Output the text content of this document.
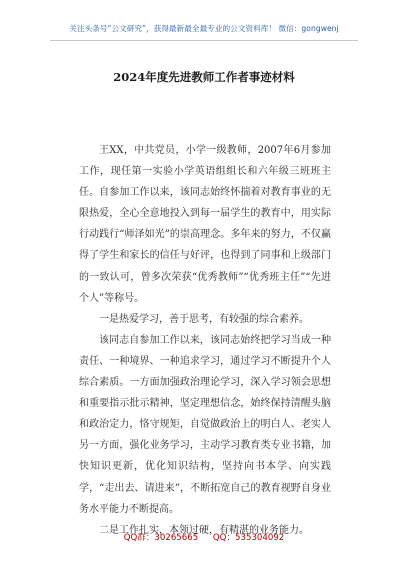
关注头条号“公文研究”，获得最新最全最专业的公文资料库！ 微信：gongwenj
2024年度先进教师工作者事迹材料

王XX，中共党员，小学一级教师，2007年6月参加工作，现任第一实验小学英语组组长和六年级三班班主任。自参加工作以来，该同志始终怀揣着对教育事业的无限热爱，全心全意地投入到每一届学生的教育中，用实际行动践行“师泽如光”的崇高理念。多年来的努力，不仅赢得了学生和家长的信任与好评，也得到了同事和上级部门的一致认可，曾多次荣获“优秀教师”“优秀班主任”“先进个人”等称号。

一是热爱学习，善于思考，有较强的综合素养。

该同志自参加工作以来，该同志始终把学习当成一种责任、一种境界、一种追求学习，通过学习不断提升个人综合素质。一方面加强政治理论学习，深入学习领会思想和重要指示批示精神，坚定理想信念，始终保持清醒头脑和政治定力，恪守规矩，自觉做政治上的明白人、老实人另一方面，强化业务学习，主动学习教育类专业书籍，加快知识更新，优化知识结构，坚持向书本学、向实践学，“走出去、请进来”，不断拓宽自己的教育视野自身业务水平能力不断提高。

二是工作扎实，本领过硬，有精湛的业务能力。

QQ群：30265665 QQ：535304092
